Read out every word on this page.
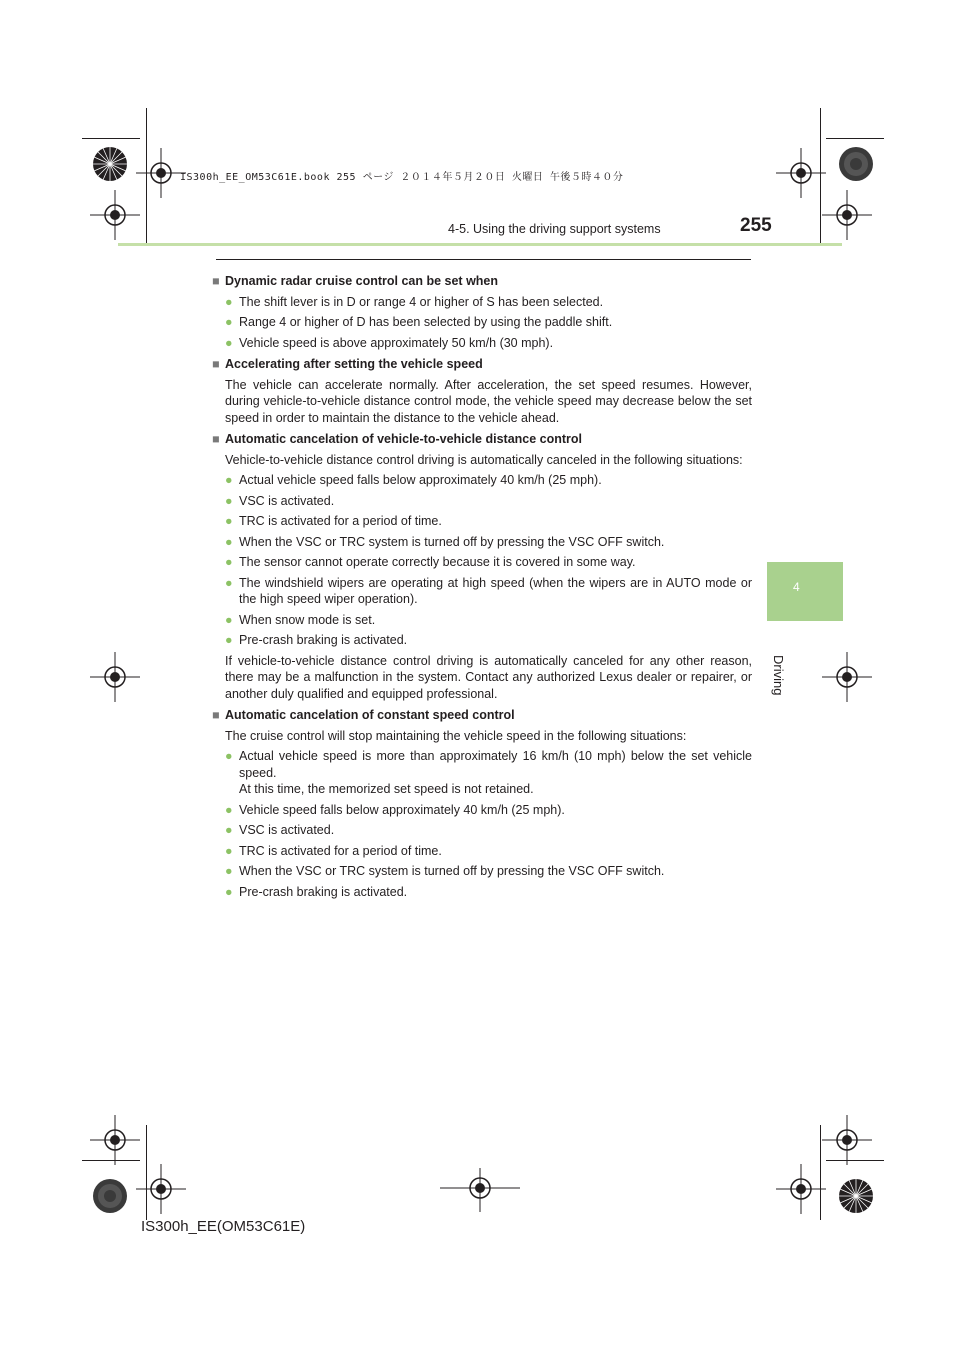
IS300h_EE_OM53C61E.book 255 ページ ２０１４年５月２０日 火曜日 午後５時４０分
4-5. Using the driving support systems	255
4
Driving
■ Dynamic radar cruise control can be set when
● The shift lever is in D or range 4 or higher of S has been selected.
● Range 4 or higher of D has been selected by using the paddle shift.
● Vehicle speed is above approximately 50 km/h (30 mph).
■ Accelerating after setting the vehicle speed
The vehicle can accelerate normally. After acceleration, the set speed resumes. However, during vehicle-to-vehicle distance control mode, the vehicle speed may decrease below the set speed in order to maintain the distance to the vehicle ahead.
■ Automatic cancelation of vehicle-to-vehicle distance control
Vehicle-to-vehicle distance control driving is automatically canceled in the following situations:
● Actual vehicle speed falls below approximately 40 km/h (25 mph).
● VSC is activated.
● TRC is activated for a period of time.
● When the VSC or TRC system is turned off by pressing the VSC OFF switch.
● The sensor cannot operate correctly because it is covered in some way.
● The windshield wipers are operating at high speed (when the wipers are in AUTO mode or the high speed wiper operation).
● When snow mode is set.
● Pre-crash braking is activated.
If vehicle-to-vehicle distance control driving is automatically canceled for any other reason, there may be a malfunction in the system. Contact any authorized Lexus dealer or repairer, or another duly qualified and equipped professional.
■ Automatic cancelation of constant speed control
The cruise control will stop maintaining the vehicle speed in the following situations:
● Actual vehicle speed is more than approximately 16 km/h (10 mph) below the set vehicle speed.
At this time, the memorized set speed is not retained.
● Vehicle speed falls below approximately 40 km/h (25 mph).
● VSC is activated.
● TRC is activated for a period of time.
● When the VSC or TRC system is turned off by pressing the VSC OFF switch.
● Pre-crash braking is activated.
IS300h_EE(OM53C61E)
